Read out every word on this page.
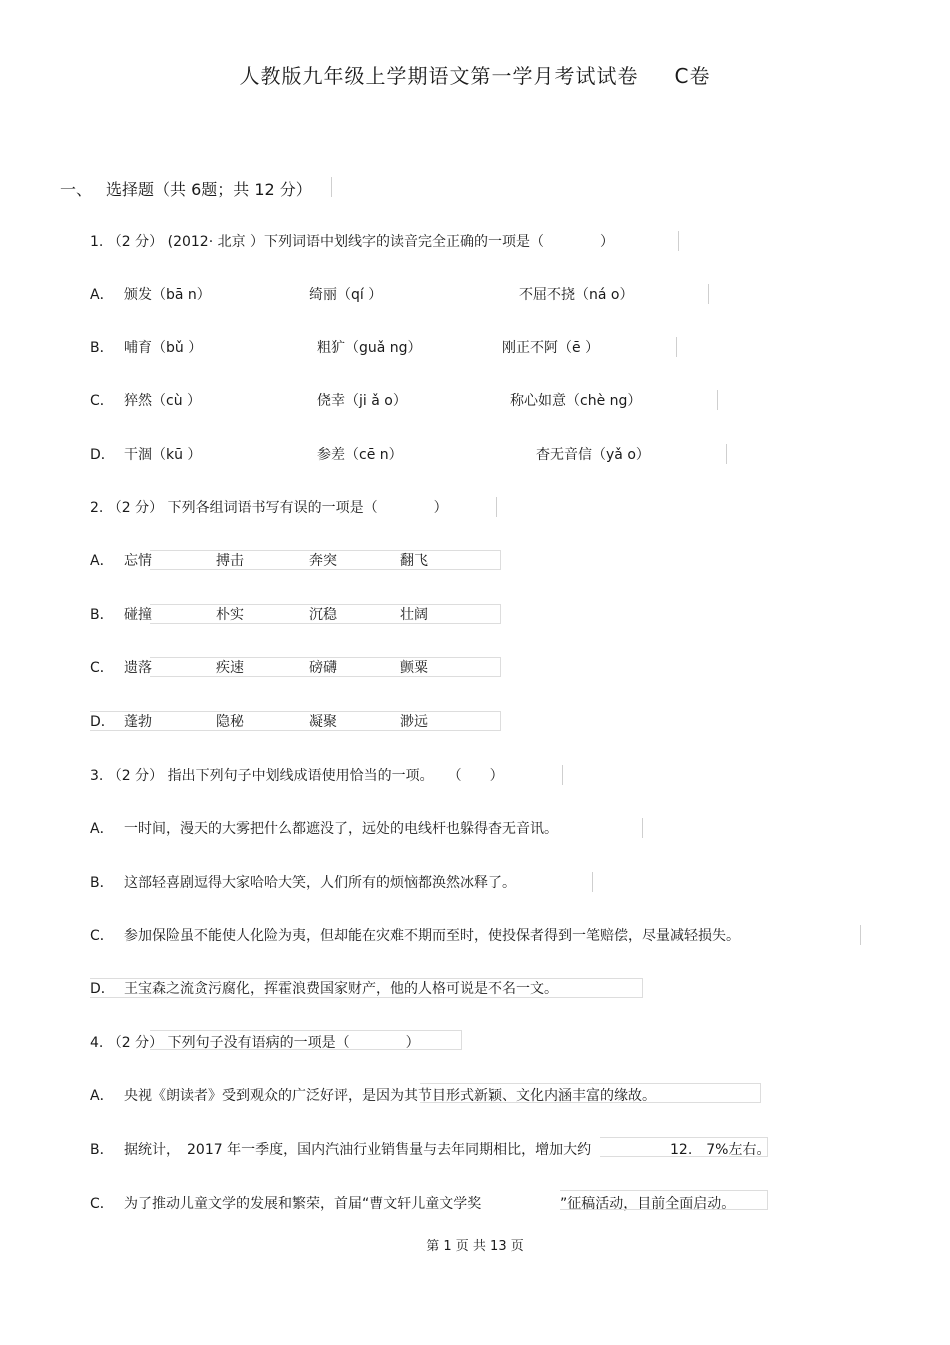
人教版九年级上学期语文第一学月考试试卷 C卷
一、 选择题（共 6题；共 12 分）
1. （2 分） (2012· 北京 ）下列词语中划线字的读音完全正确的一项是（　　　　）
A． 颁发（bā n）	绮丽（qí ）	不屈不挠（ná o）
B． 哺育（bǔ ）	粗犷（guǎ ng）	刚正不阿（ē ）
C． 猝然（cù ）	侥幸（ji ǎ o）	称心如意（chè ng）
D． 干涸（kū ）	参差（cē n）	杳无音信（yǎ o）
2. （2 分） 下列各组词语书写有误的一项是（　　　　）
A． 忘情	搏击	奔突	翻飞
B． 碰撞	朴实	沉稳	壮阔
C． 遗落	疾速	磅礴	颤粟
D． 蓬勃	隐秘	凝聚	渺远
3. （2 分） 指出下列句子中划线成语使用恰当的一项。　　（　　）
A． 一时间，漫天的大雾把什么都遮没了，远处的电线杆也躲得杳无音讯。
B． 这部轻喜剧逗得大家哈哈大笑，人们所有的烦恼都涣然冰释了。
C． 参加保险虽不能使人化险为夷，但却能在灾难不期而至时，使投保者得到一笔赔偿，尽量减轻损失。
D． 王宝森之流贪污腐化，挥霍浪费国家财产，他的人格可说是不名一文。
4. （2 分） 下列句子没有语病的一项是（　　　　）
A． 央视《朗读者》受到观众的广泛好评，是因为其节目形式新颖、文化内涵丰富的缘故。
B． 据统计，　2017 年一季度，国内汽油行业销售量与去年同期相比，增加大约	12.　7%左右。
C． 为了推动儿童文学的发展和繁荣，首届“曹文轩儿童文学奖	”征稿活动，目前全面启动。
第 1 页 共 13 页
